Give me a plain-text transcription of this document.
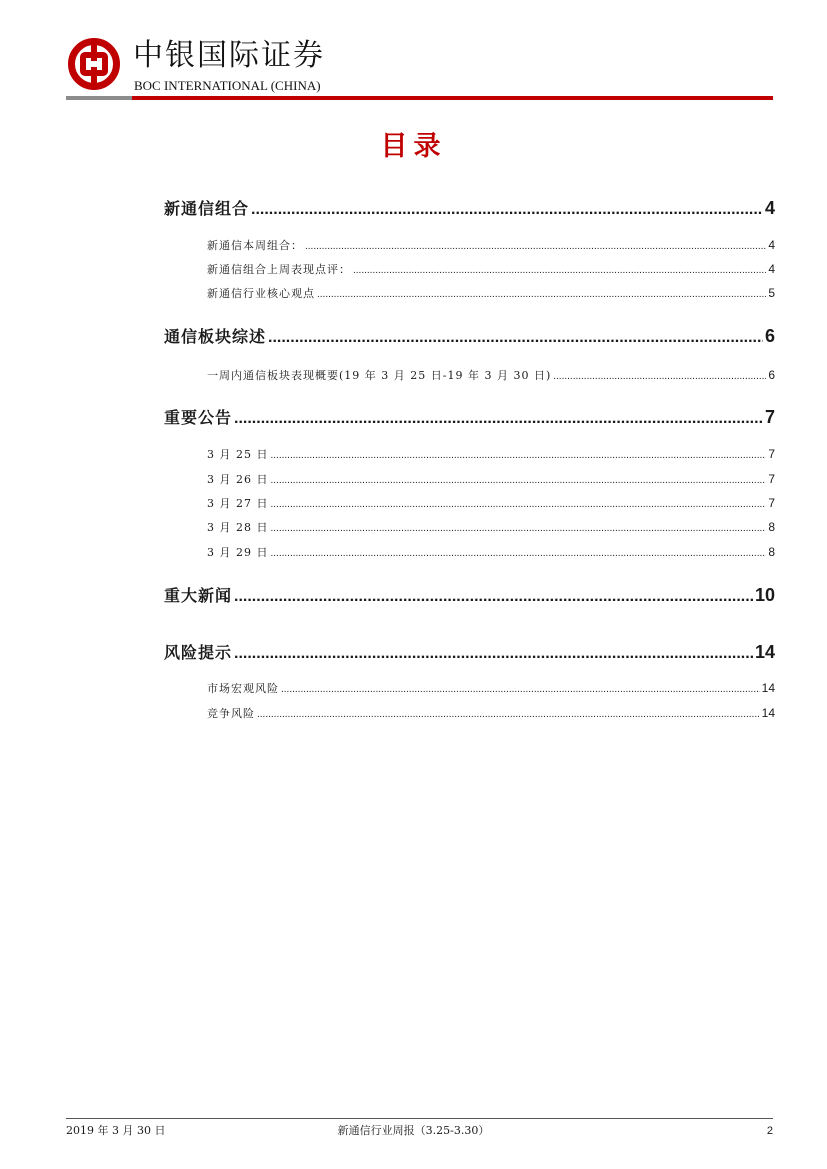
中银国际证券
BOC INTERNATIONAL (CHINA)
目录
新通信组合 .....	4
新通信本周组合： .....	4
新通信组合上周表现点评： .....	4
新通信行业核心观点 .....	5
通信板块综述 .....	6
一周内通信板块表现概要(19 年 3 月 25 日-19 年 3 月 30 日) .....	6
重要公告 .....	7
3 月 25 日 .....	7
3 月 26 日 .....	7
3 月 27 日 .....	7
3 月 28 日 .....	8
3 月 29 日 .....	8
重大新闻 .....	10
风险提示 .....	14
市场宏观风险 .....	14
竞争风险 .....	14
2019 年 3 月 30 日	新通信行业周报（3.25-3.30）	2
